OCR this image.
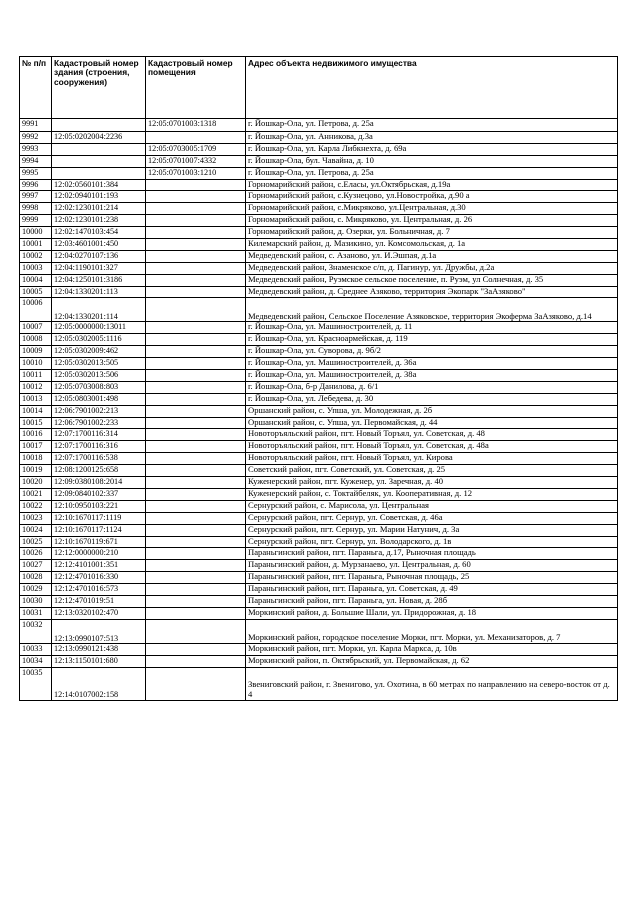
№ п/п	Кадастровый номер здания (строения, сооружения)	Кадастровый номер помещения	Адрес объекта недвижимого имущества
9991		12:05:0701003:1318	г. Йошкар-Ола, ул. Петрова, д. 25а
9992	12:05:0202004:2236		г. Йошкар-Ола, ул. Анникова, д.3а
9993		12:05:0703005:1709	г. Йошкар-Ола, ул. Карла Либкнехта, д. 69а
9994		12:05:0701007:4332	г. Йошкар-Ола, бул. Чавайна, д. 10
9995		12:05:0701003:1210	г. Йошкар-Ола, ул. Петрова, д. 25а
9996	12:02:0560101:384		Горномарийский район, с.Еласы, ул.Октябрьская, д.19а
9997	12:02:0940101:193		Горномарийский район, с.Кузнецово, ул.Новостройка, д.90 а
9998	12:02:1230101:214		Горномарийский район, с.Микряково, ул.Центральная, д.30
9999	12:02:1230101:238		Горномарийский район, с. Микряково, ул. Центральная, д. 26
10000	12:02:1470103:454		Горномарийский район, д. Озерки, ул. Больничная, д. 7
10001	12:03:4601001:450		Килемарский район, д. Мазикино, ул. Комсомольская, д. 1а
10002	12:04:0270107:136		Медведевский район, с. Азаново, ул. И.Эшпая, д.1а
10003	12:04:1190101:327		Медведевский район, Знаменское с/п, д. Пагинур, ул. Дружбы, д.2а
10004	12:04:1250101:3186		Медведевский район, Руэмское сельское поселение, п. Руэм, ул Солнечная, д. 35
10005	12:04:1330201:113		Медведевский район, д. Среднее Азяково, территория Экопарк "ЗаАзяково"
10006	12:04:1330201:114		Медведевский район, Сельское Поселение Азяковское, территория Экоферма ЗаАзяково, д.14
10007	12:05:0000000:13011		г. Йошкар-Ола, ул. Машиностроителей, д. 11
10008	12:05:0302005:1116		г. Йошкар-Ола, ул. Красноармейская, д. 119
10009	12:05:0302009:462		г. Йошкар-Ола, ул. Суворова, д. 9б/2
10010	12:05:0302013:505		г. Йошкар-Ола, ул. Машиностроителей, д. 36а
10011	12:05:0302013:506		г. Йошкар-Ола, ул. Машиностроителей, д. 38а
10012	12:05:0703008:803		г. Йошкар-Ола, б-р Данилова, д. 6/1
10013	12:05:0803001:498		г. Йошкар-Ола, ул. Лебедева, д. 30
10014	12:06:7901002:213		Оршанский район, с. Упша, ул. Молодежная, д. 2б
10015	12:06:7901002:233		Оршанский район, с. Упша, ул. Первомайская, д. 44
10016	12:07:1700116:314		Новоторъяльский район, пгт. Новый Торъял, ул. Советская, д. 48
10017	12:07:1700116:316		Новоторъяльский район, пгт. Новый Торъял, ул. Советская, д. 48а
10018	12:07:1700116:538		Новоторъяльский район, пгт. Новый Торъял, ул. Кирова
10019	12:08:1200125:658		Советский район, пгт. Советский, ул. Советская, д. 25
10020	12:09:0380108:2014		Куженерский район, пгт. Куженер, ул. Заречная, д. 40
10021	12:09:0840102:337		Куженерский район, с. Токтайбеляк, ул. Кооперативная, д. 12
10022	12:10:0950103:221		Сернурский район, с. Марисола, ул. Центральная
10023	12:10:1670117:1119		Сернурский район, пгт. Сернур, ул. Советская, д. 46а
10024	12:10:1670117:1124		Сернурский район, пгт. Сернур, ул. Марии Натунич, д. 3а
10025	12:10:1670119:671		Сернурский район, пгт. Сернур, ул. Володарского, д. 1в
10026	12:12:0000000:210		Параньгинский район, пгт. Параньга, д.17, Рыночная площадь
10027	12:12:4101001:351		Параньгинский район, д. Мурзанаево, ул. Центральная, д. 60
10028	12:12:4701016:330		Параньгинский район, пгт. Параньга, Рыночная площадь, 25
10029	12:12:4701016:573		Параньгинский район, пгт. Параньга, ул. Советская, д. 49
10030	12:12:4701019:51		Параньгинский район, пгт. Параньга, ул. Новая, д. 28б
10031	12:13:0320102:470		Моркинский район, д. Большие Шали, ул. Придорожная, д. 18
10032	12:13:0990107:513		Моркинский район, городское поселение Морки, пгт. Морки, ул. Механизаторов, д. 7
10033	12:13:0990121:438		Моркинский район, пгт. Морки, ул. Карла Маркса, д. 10в
10034	12:13:1150101:680		Моркинский район, п. Октябрьский, ул. Первомайская, д. 62
10035	12:14:0107002:158		Звениговский район, г. Звенигово, ул. Охотина, в 60 метрах по направлению на северо-восток от д. 4
